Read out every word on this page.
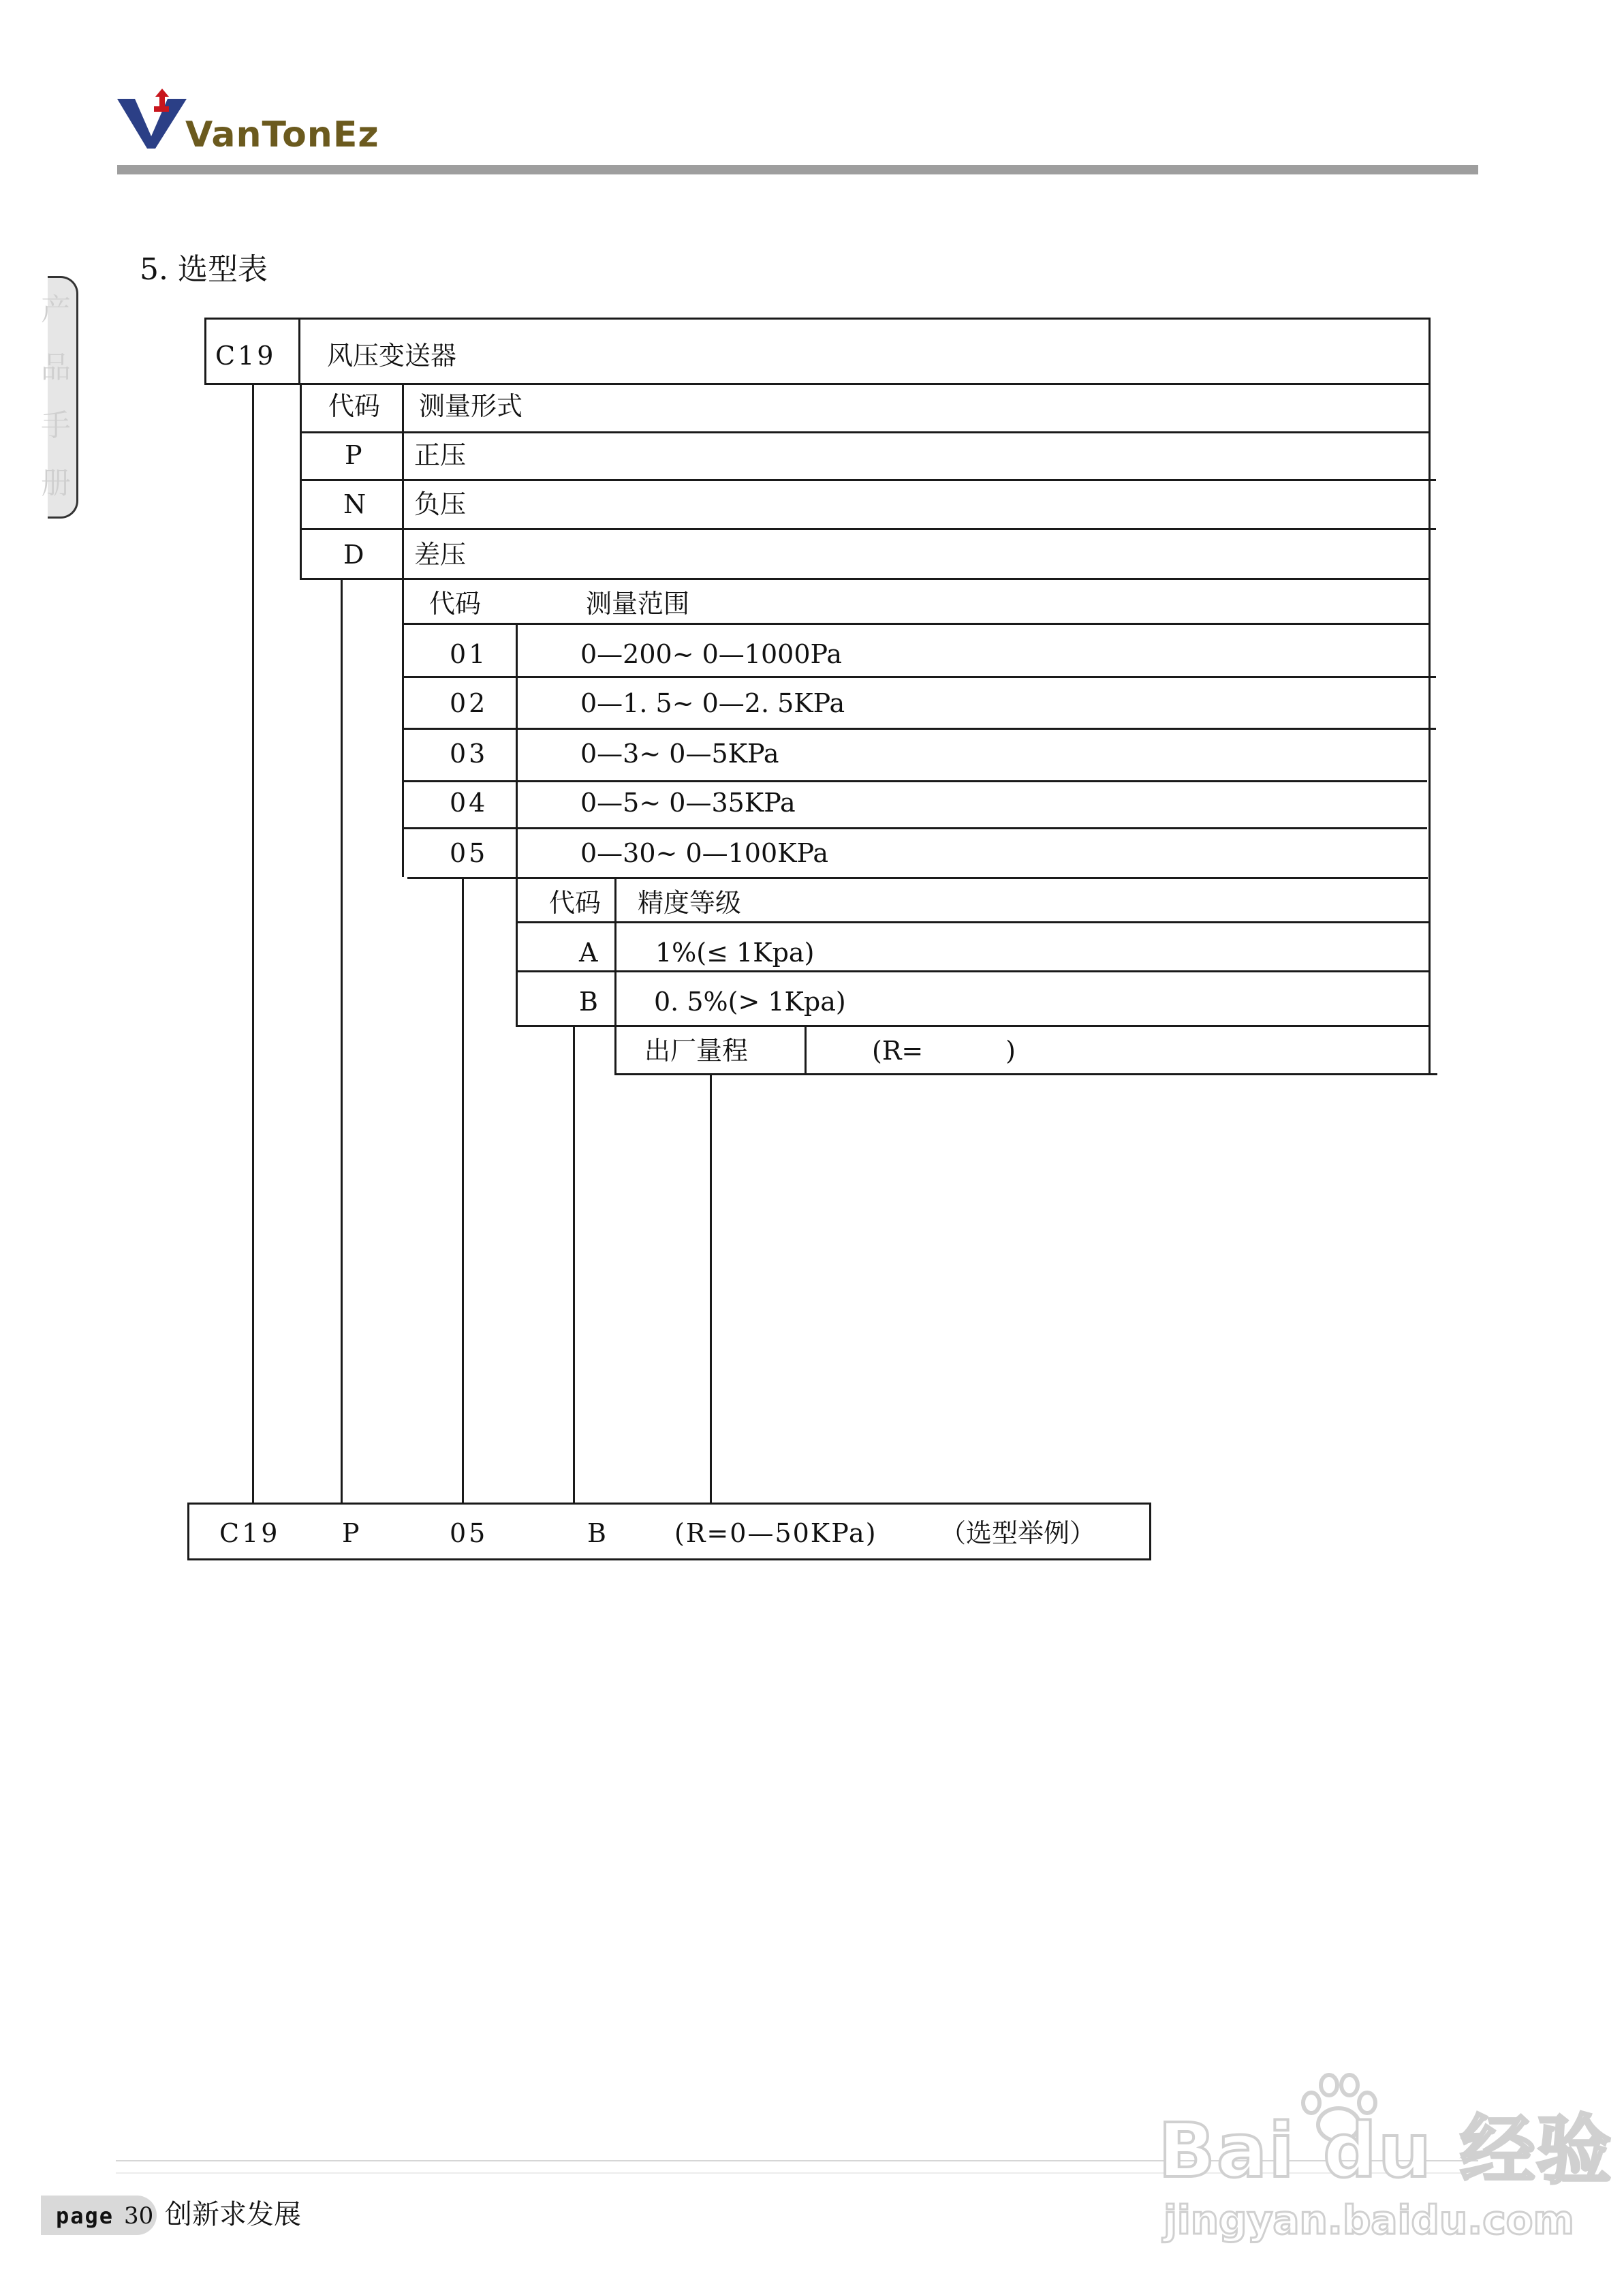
VanTonEz
产
品
手
册
5. 选型表
C19 风压变送器
代码 测量形式
P 正压
N 负压
D 差压
代码	测量范围
01	0—200~ 0—1000Pa
02	0—1. 5~ 0—2. 5KPa
03	0—3~ 0—5KPa
04	0—5~ 0—35KPa
05	0—30~ 0—100KPa
代码 精度等级
A 1%(≤ 1Kpa)
B 0. 5%(> 1Kpa)
出厂量程	(R=          )
C19 P	05	B	(R=0—50KPa) （选型举例）
page 30 创新求发展
Bai du 经验
jingyan.baidu.com
